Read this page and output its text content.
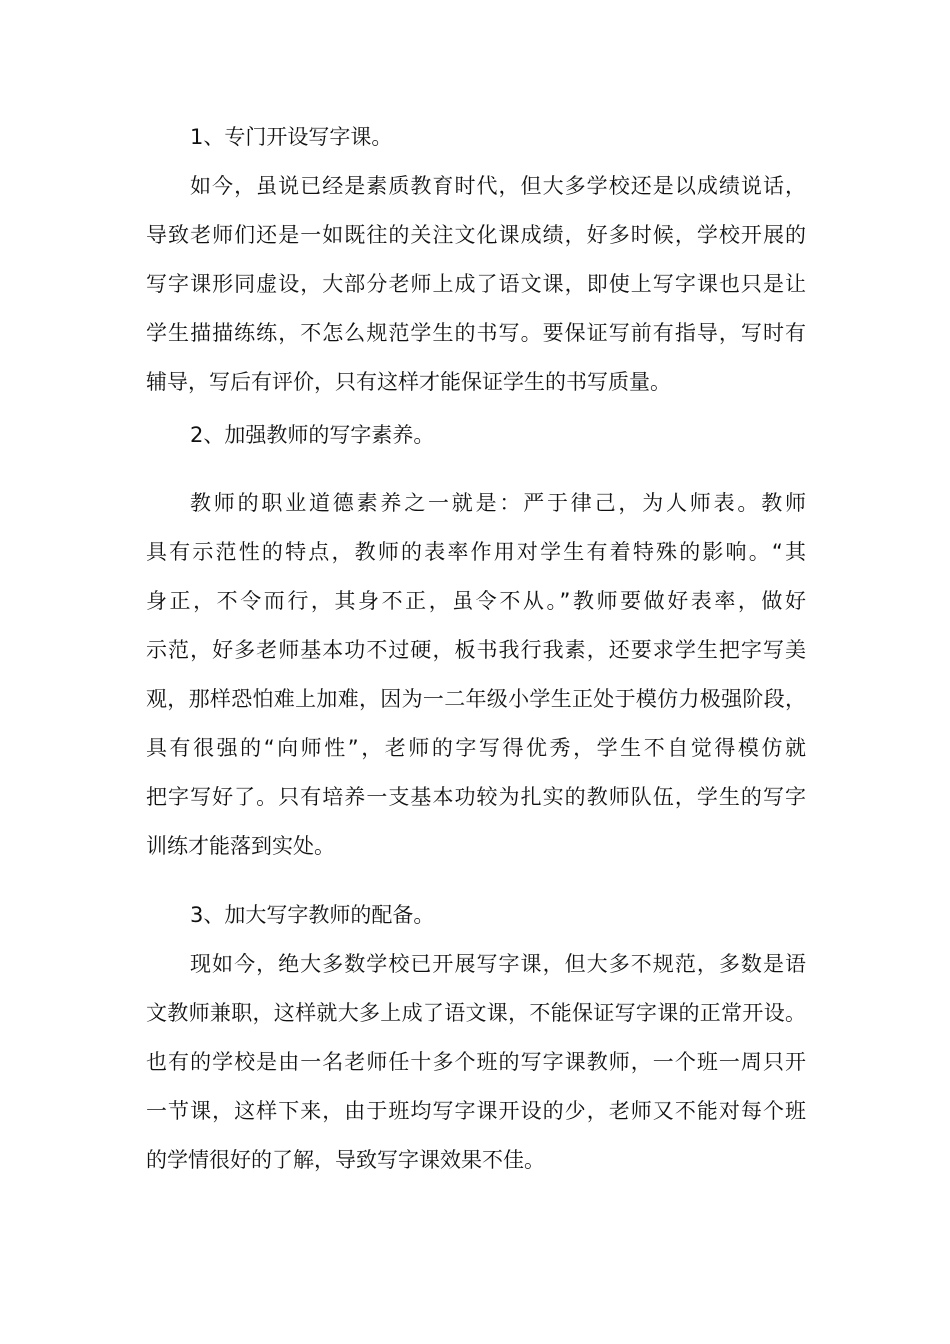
1、专门开设写字课。

如今，虽说已经是素质教育时代，但大多学校还是以成绩说话，
导致老师们还是一如既往的关注文化课成绩，好多时候，学校开展的
写字课形同虚设，大部分老师上成了语文课，即使上写字课也只是让
学生描描练练，不怎么规范学生的书写。要保证写前有指导，写时有
辅导，写后有评价，只有这样才能保证学生的书写质量。

2、加强教师的写字素养。

教师的职业道德素养之一就是：严于律己，为人师表。教师
具有示范性的特点，教师的表率作用对学生有着特殊的影响。“其
身正，不令而行，其身不正，虽令不从。”教师要做好表率，做好
示范，好多老师基本功不过硬，板书我行我素，还要求学生把字写美
观，那样恐怕难上加难，因为一二年级小学生正处于模仿力极强阶段，
具有很强的“向师性”，老师的字写得优秀，学生不自觉得模仿就
把字写好了。只有培养一支基本功较为扎实的教师队伍，学生的写字
训练才能落到实处。

3、加大写字教师的配备。

现如今，绝大多数学校已开展写字课，但大多不规范，多数是语
文教师兼职，这样就大多上成了语文课，不能保证写字课的正常开设。
也有的学校是由一名老师任十多个班的写字课教师，一个班一周只开
一节课，这样下来，由于班均写字课开设的少，老师又不能对每个班
的学情很好的了解，导致写字课效果不佳。
